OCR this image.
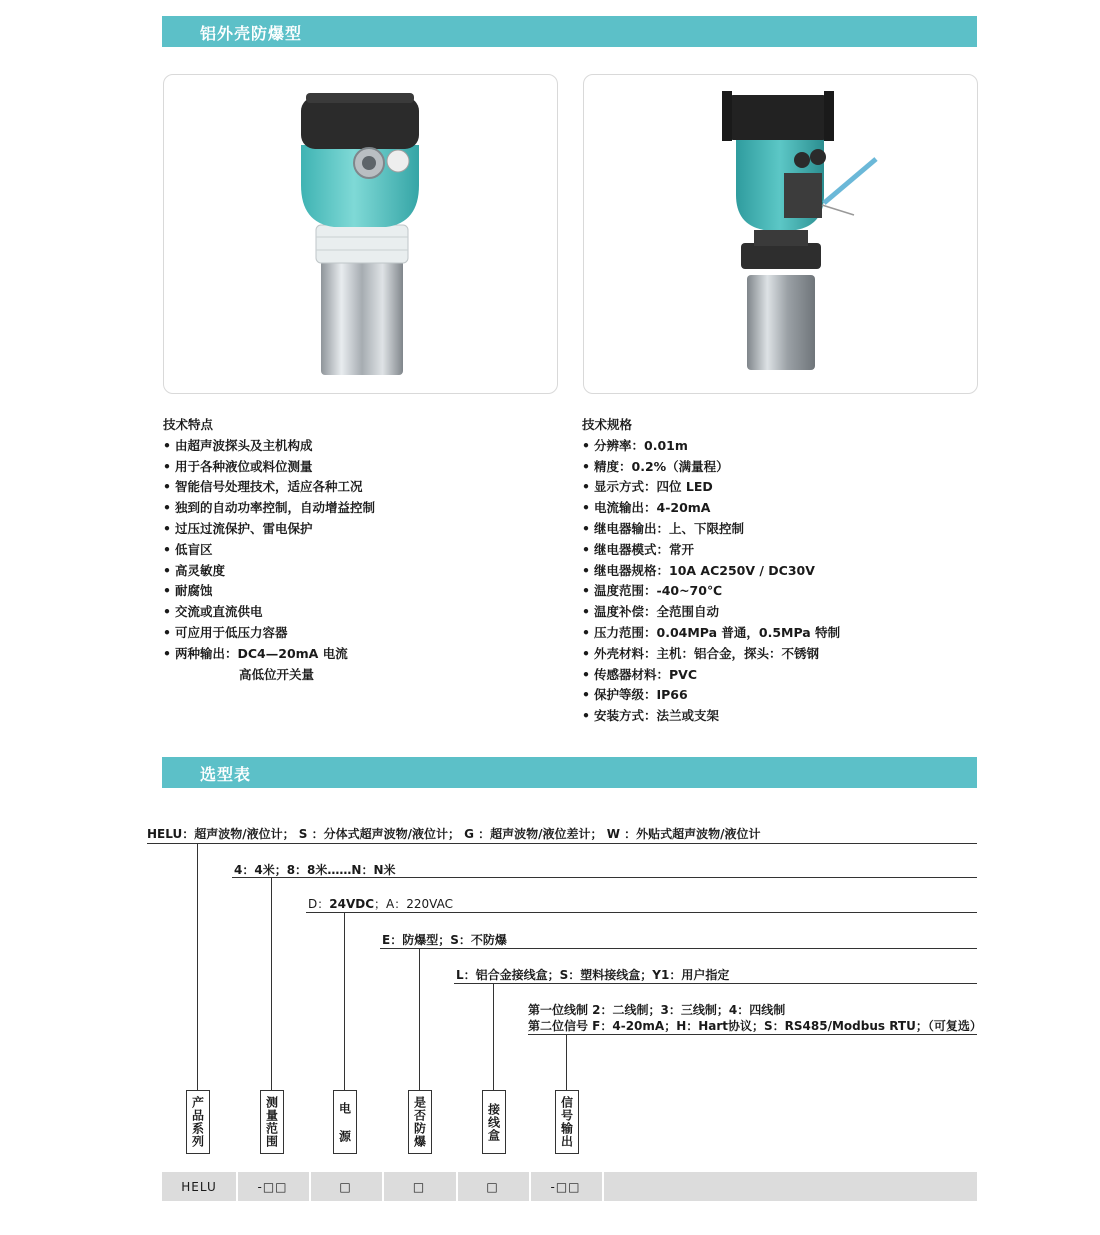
铝外壳防爆型
技术特点
• 由超声波探头及主机构成
• 用于各种液位或料位测量
• 智能信号处理技术，适应各种工况
• 独到的自动功率控制，自动增益控制
• 过压过流保护、雷电保护
• 低盲区
• 高灵敏度
• 耐腐蚀
• 交流或直流供电
• 可应用于低压力容器
• 两种输出：DC4—20mA 电流
高低位开关量
技术规格
• 分辨率：0.01m
• 精度：0.2%（满量程）
• 显示方式：四位 LED
• 电流输出：4-20mA
• 继电器输出：上、下限控制
• 继电器模式：常开
• 继电器规格：10A AC250V / DC30V
• 温度范围：-40~70℃
• 温度补偿：全范围自动
• 压力范围：0.04MPa 普通，0.5MPa 特制
• 外壳材料：主机：铝合金，探头：不锈钢
• 传感器材料：PVC
• 保护等级：IP66
• 安装方式：法兰或支架
选型表
HELU：超声波物/液位计； S ：分体式超声波物/液位计； G ：超声波物/液位差计； W ：外贴式超声波物/液位计
4：4米；8：8米……N：N米
D：24VDC；A：220VAC
E：防爆型；S：不防爆
L：铝合金接线盒；S：塑料接线盒；Y1：用户指定
第一位线制 2：二线制；3：三线制；4：四线制
第二位信号 F：4-20mA；H：Hart协议；S：RS485/Modbus RTU；（可复选）
产品系列	测量范围	电 源	是否防爆	接线盒	信号输出
HELU	-□□	□	□	□	-□□
